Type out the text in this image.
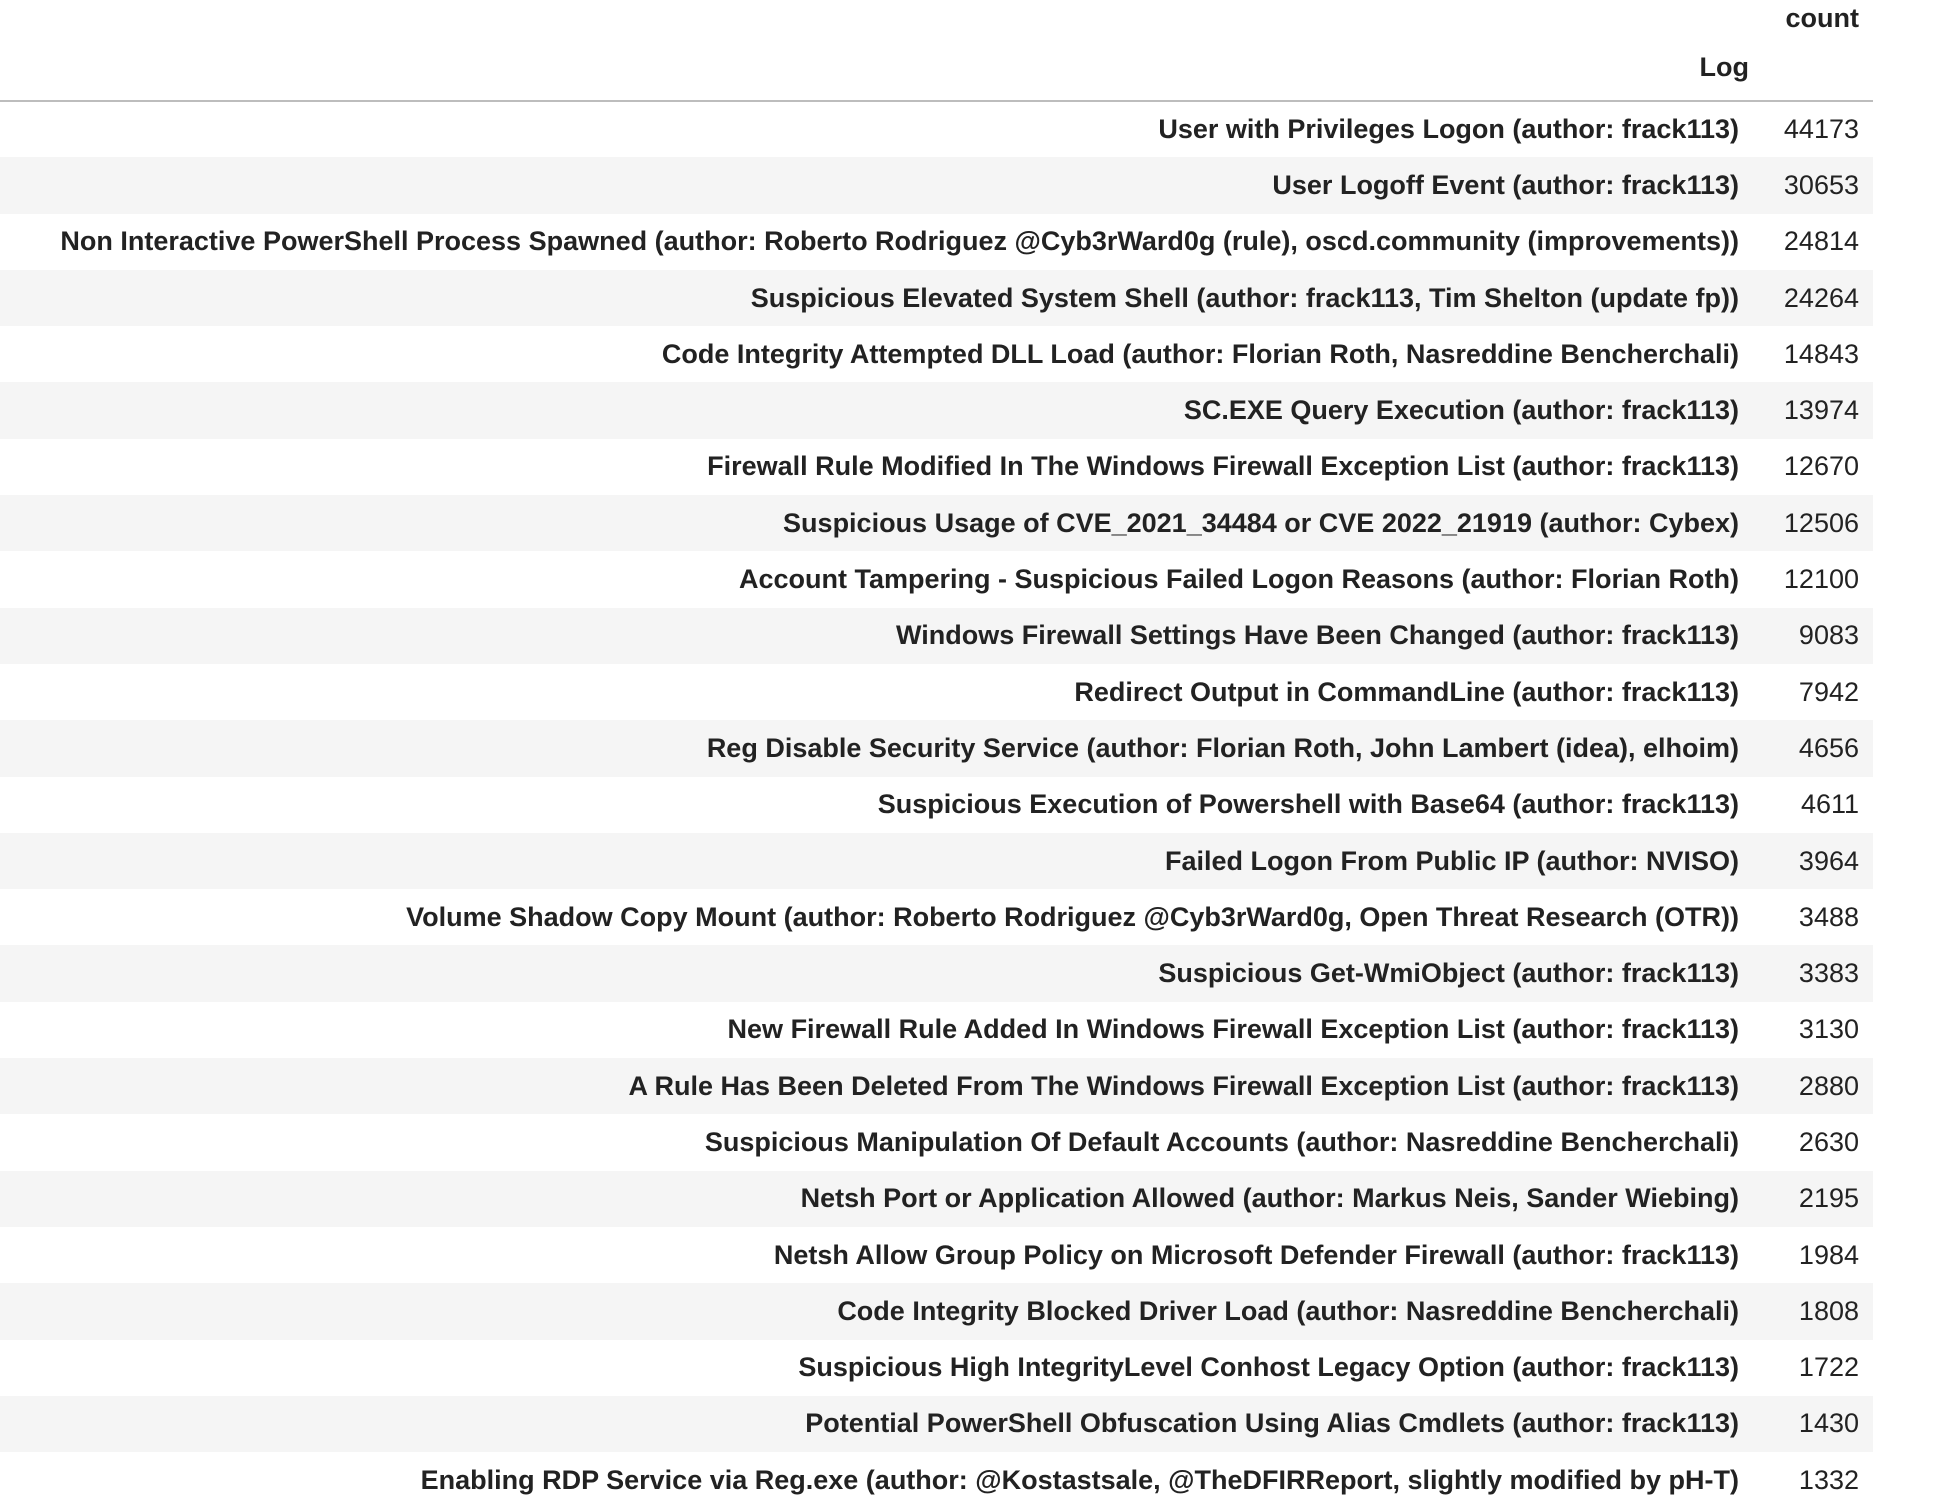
	count
Log	
User with Privileges Logon (author: frack113)	44173
User Logoff Event (author: frack113)	30653
Non Interactive PowerShell Process Spawned (author: Roberto Rodriguez @Cyb3rWard0g (rule), oscd.community (improvements))	24814
Suspicious Elevated System Shell (author: frack113, Tim Shelton (update fp))	24264
Code Integrity Attempted DLL Load (author: Florian Roth, Nasreddine Bencherchali)	14843
SC.EXE Query Execution (author: frack113)	13974
Firewall Rule Modified In The Windows Firewall Exception List (author: frack113)	12670
Suspicious Usage of CVE_2021_34484 or CVE 2022_21919 (author: Cybex)	12506
Account Tampering - Suspicious Failed Logon Reasons (author: Florian Roth)	12100
Windows Firewall Settings Have Been Changed (author: frack113)	9083
Redirect Output in CommandLine (author: frack113)	7942
Reg Disable Security Service (author: Florian Roth, John Lambert (idea), elhoim)	4656
Suspicious Execution of Powershell with Base64 (author: frack113)	4611
Failed Logon From Public IP (author: NVISO)	3964
Volume Shadow Copy Mount (author: Roberto Rodriguez @Cyb3rWard0g, Open Threat Research (OTR))	3488
Suspicious Get-WmiObject (author: frack113)	3383
New Firewall Rule Added In Windows Firewall Exception List (author: frack113)	3130
A Rule Has Been Deleted From The Windows Firewall Exception List (author: frack113)	2880
Suspicious Manipulation Of Default Accounts (author: Nasreddine Bencherchali)	2630
Netsh Port or Application Allowed (author: Markus Neis, Sander Wiebing)	2195
Netsh Allow Group Policy on Microsoft Defender Firewall (author: frack113)	1984
Code Integrity Blocked Driver Load (author: Nasreddine Bencherchali)	1808
Suspicious High IntegrityLevel Conhost Legacy Option (author: frack113)	1722
Potential PowerShell Obfuscation Using Alias Cmdlets (author: frack113)	1430
Enabling RDP Service via Reg.exe (author: @Kostastsale, @TheDFIRReport, slightly modified by pH-T)	1332
